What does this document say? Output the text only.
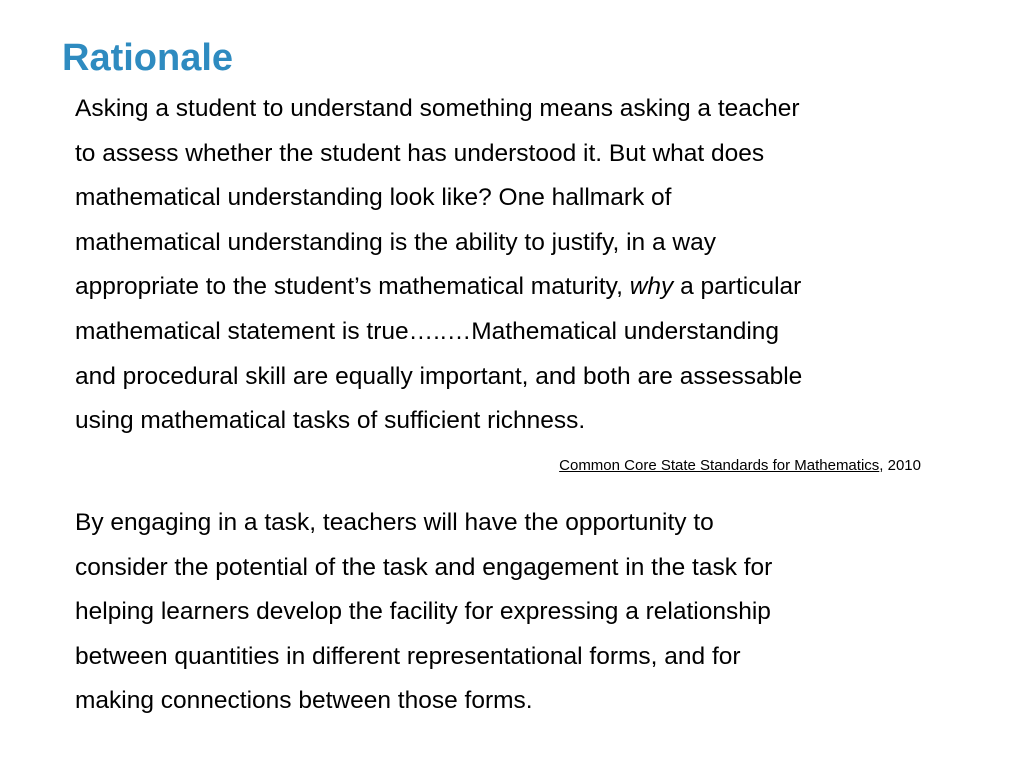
Rationale

Asking a student to understand something means asking a teacher
to assess whether the student has understood it. But what does
mathematical understanding look like? One hallmark of
mathematical understanding is the ability to justify, in a way
appropriate to the student’s mathematical maturity, why a particular
mathematical statement is true…..…Mathematical understanding
and procedural skill are equally important, and both are assessable
using mathematical tasks of sufficient richness.

Common Core State Standards for Mathematics, 2010

By engaging in a task, teachers will have the opportunity to
consider the potential of the task and engagement in the task for
helping learners develop the facility for expressing a relationship
between quantities in different representational forms, and for
making connections between those forms.
